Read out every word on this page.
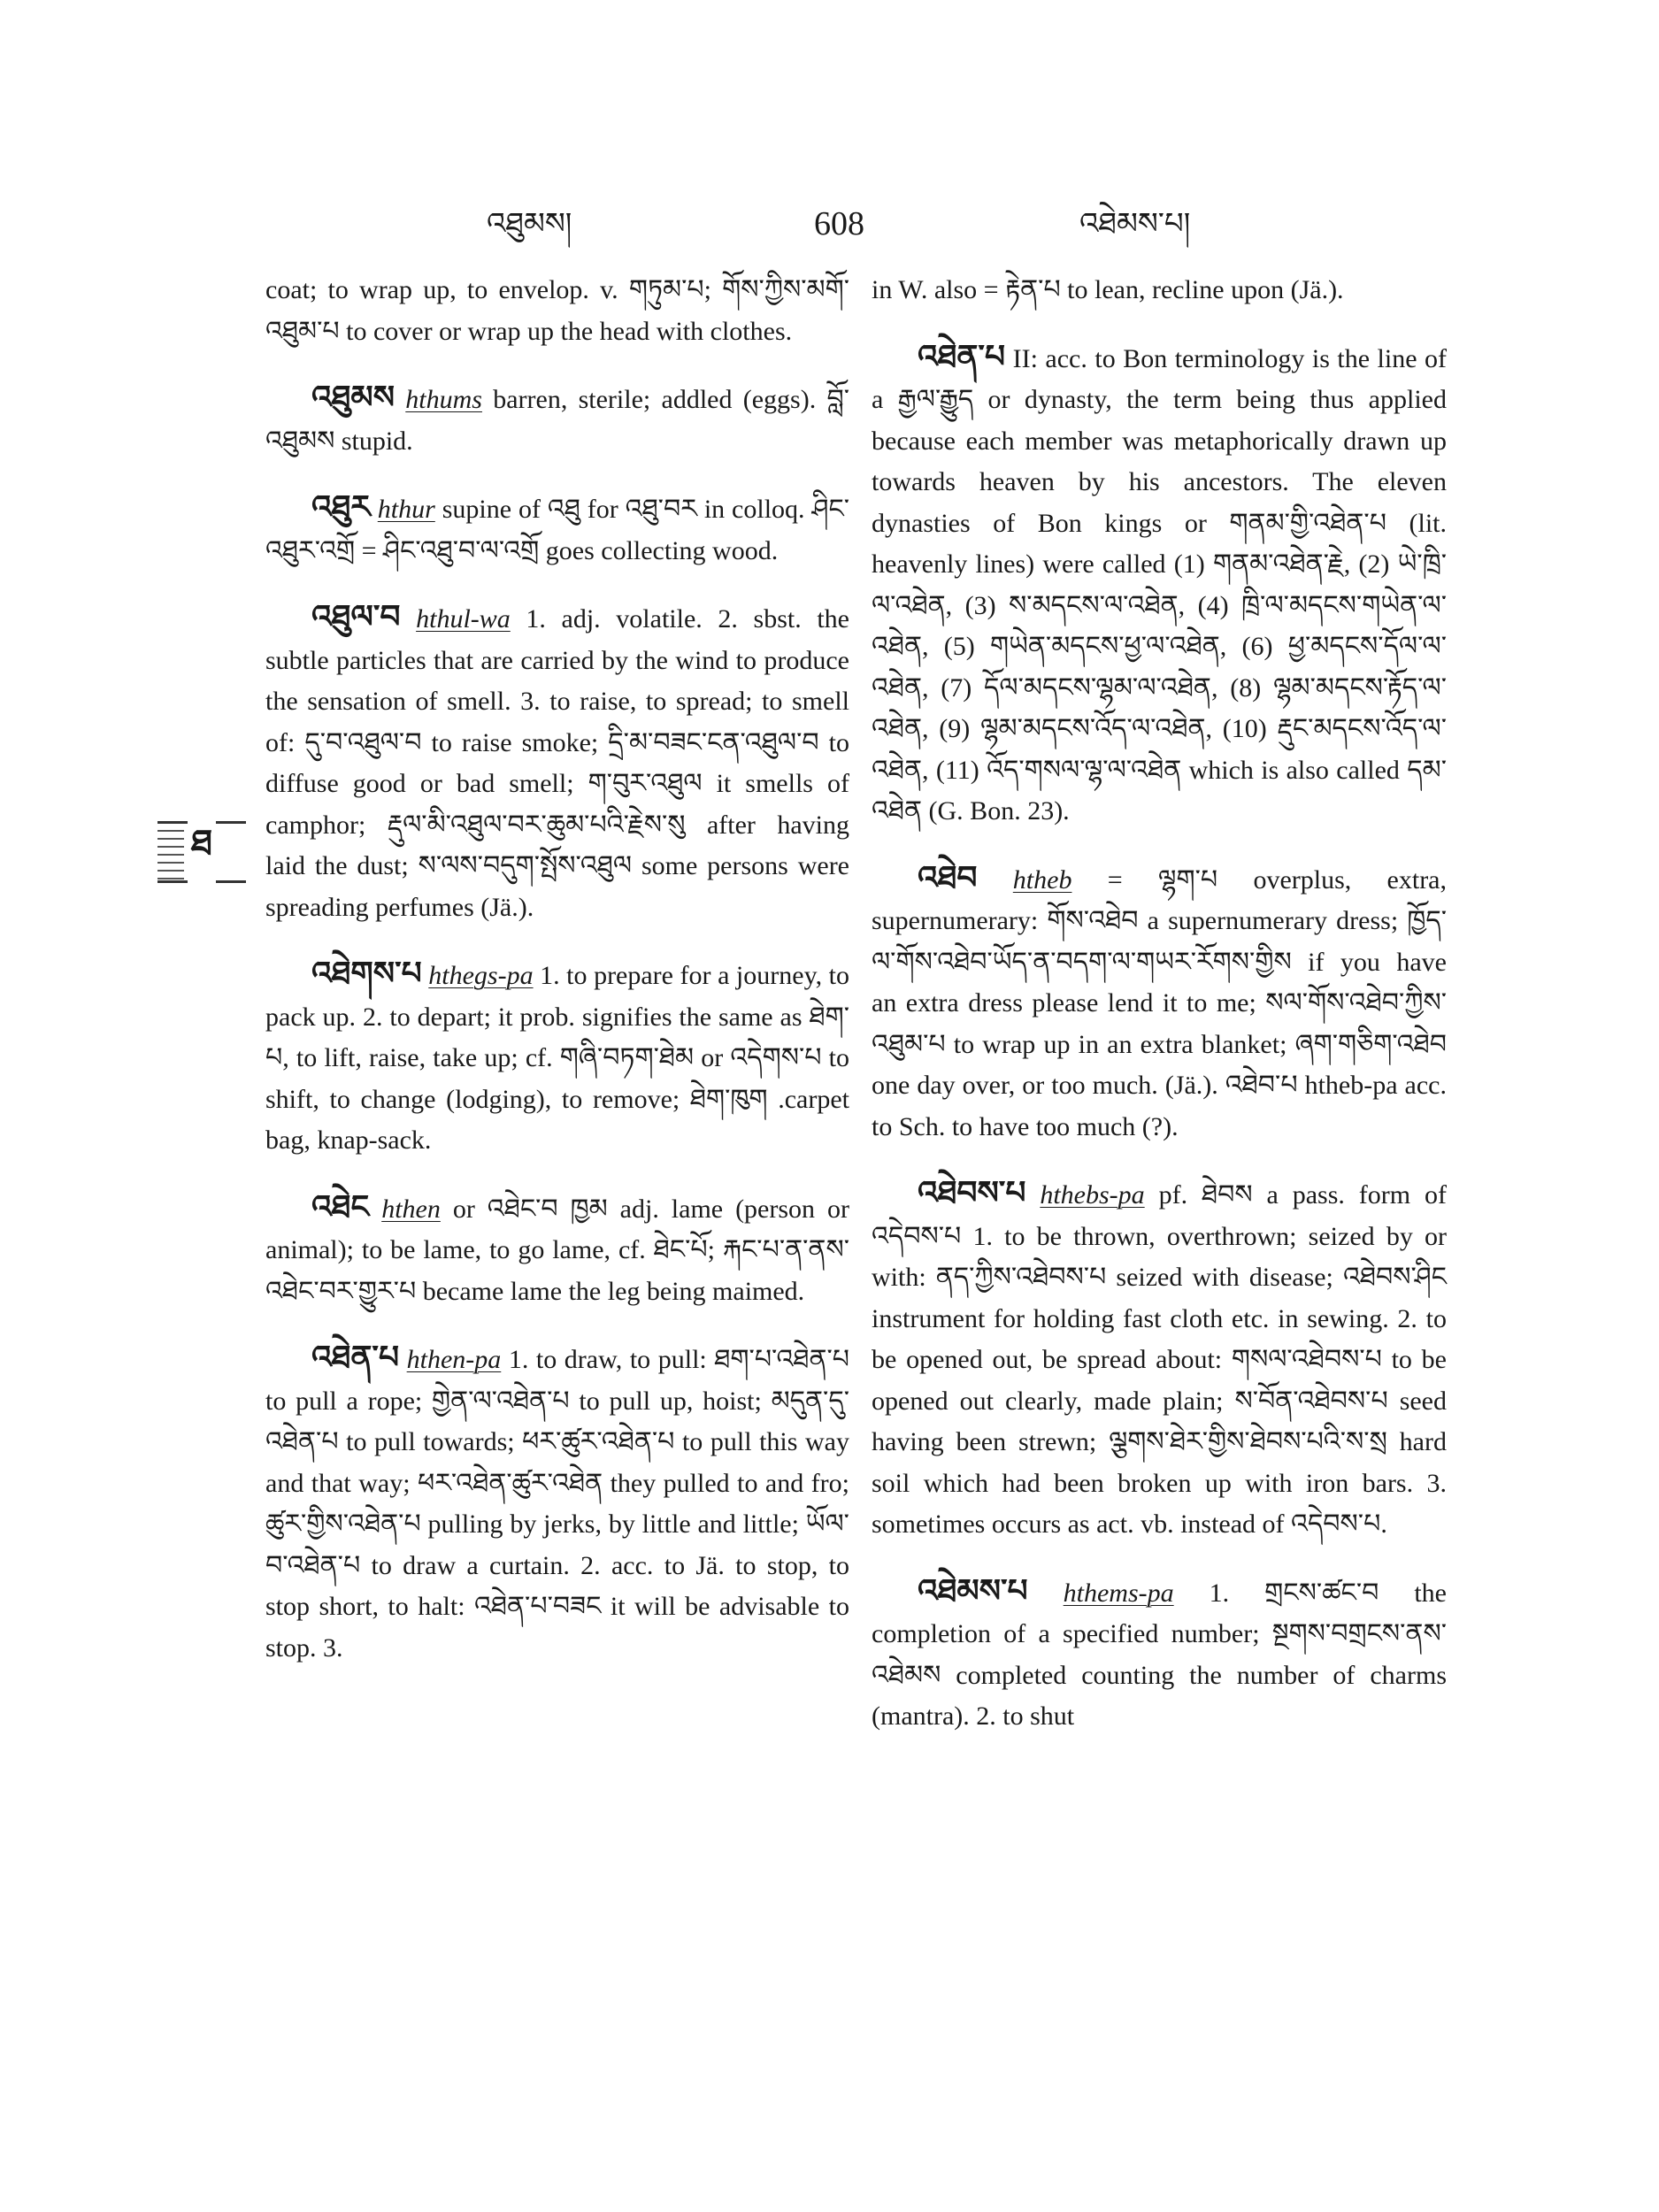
འཐུམས།	608	འཐེམས་པ།
ཐ

coat; to wrap up, to envelop. v. གཏུམ་པ; གོས་ཀྱིས་མགོ་འཐུམ་པ to cover or wrap up the head with clothes.

འཐུམས hthums barren, sterile; addled (eggs). བློ་འཐུམས stupid.

འཐུར hthur supine of འཐུ for འཐུ་བར in colloq. ཤིང་འཐུར་འགྲོ = ཤིང་འཐུ་བ་ལ་འགྲོ goes collecting wood.

འཐུལ་བ hthul-wa 1. adj. volatile. 2. sbst. the subtle particles that are carried by the wind to produce the sensation of smell. 3. to raise, to spread; to smell of: དུ་བ་འཐུལ་བ to raise smoke; དྲི་མ་བཟང་ངན་འཐུལ་བ to diffuse good or bad smell; ག་བུར་འཐུལ it smells of camphor; རྡུལ་མི་འཐུལ་བར་ཆུམ་པའི་རྗེས་སུ after having laid the dust; ས་ལས་བདུག་སྤོས་འཐུལ some persons were spreading perfumes (Jä.).

འཐེགས་པ hthegs-pa 1. to prepare for a journey, to pack up. 2. to depart; it prob. signifies the same as ཐེག་པ, to lift, raise, take up; cf. གཞི་བཏག་ཐེམ or འདེགས་པ to shift, to change (lodging), to remove; ཐེག་ཁུག .carpet bag, knap-sack.

འཐེང hthen or འཐེང་བ ཁྱམ adj. lame (person or animal); to be lame, to go lame, cf. ཐེང་པོ; རྐང་པ་ན་ནས་འཐེང་བར་གྱུར་པ became lame the leg being maimed.

འཐེན་པ hthen-pa 1. to draw, to pull: ཐག་པ་འཐེན་པ to pull a rope; གྱེན་ལ་འཐེན་པ to pull up, hoist; མདུན་དུ་འཐེན་པ to pull towards; ཕར་ཚུར་འཐེན་པ to pull this way and that way; ཕར་འཐེན་ཚུར་འཐེན they pulled to and fro; ཚུར་གྱིས་འཐེན་པ pulling by jerks, by little and little; ཡོལ་བ་འཐེན་པ to draw a curtain. 2. acc. to Jä. to stop, to stop short, to halt: འཐེན་པ་བཟང it will be advisable to stop. 3.

in W. also = རྟེན་པ to lean, recline upon (Jä.).

འཐེན་པ II: acc. to Bon terminology is the line of a རྒྱལ་རྒྱུད or dynasty, the term being thus applied because each member was metaphorically drawn up towards heaven by his ancestors. The eleven dynasties of Bon kings or གནམ་གྱི་འཐེན་པ (lit. heavenly lines) were called (1) གནམ་འཐེན་རྗེ, (2) ཡེ་ཁྲི་ལ་འཐེན, (3) ས་མདངས་ལ་འཐེན, (4) ཁྲི་ལ་མདངས་གཡེན་ལ་འཐེན, (5) གཡེན་མདངས་ཕྱ་ལ་འཐེན, (6) ཕྱ་མདངས་དོལ་ལ་འཐེན, (7) དོལ་མདངས་ལྷམ་ལ་འཐེན, (8) ལྷམ་མདངས་རྟོད་ལ་འཐེན, (9) ལྷམ་མདངས་འོད་ལ་འཐེན, (10) རྡུང་མདངས་འོད་ལ་འཐེན, (11) འོད་གསལ་ལྷ་ལ་འཐེན which is also called དམ་འཐེན (G. Bon. 23).

འཐེབ htheb = ལྷག་པ overplus, extra, supernumerary: གོས་འཐེབ a supernumerary dress; ཁྱོད་ལ་གོས་འཐེབ་ཡོད་ན་བདག་ལ་གཡར་རོགས་གྱིས if you have an extra dress please lend it to me; སལ་གོས་འཐེབ་ཀྱིས་འཐུམ་པ to wrap up in an extra blanket; ཞག་གཅིག་འཐེབ one day over, or too much. (Jä.). འཐེབ་པ htheb-pa acc. to Sch. to have too much (?).

འཐེབས་པ hthebs-pa pf. ཐེབས a pass. form of འདེབས་པ 1. to be thrown, overthrown; seized by or with: ནད་ཀྱིས་འཐེབས་པ seized with disease; འཐེབས་ཤིང instrument for holding fast cloth etc. in sewing. 2. to be opened out, be spread about: གསལ་འཐེབས་པ to be opened out clearly, made plain; ས་བོན་འཐེབས་པ seed having been strewn; ལྕགས་ཐེར་གྱིས་ཐེབས་པའི་ས་སྲ hard soil which had been broken up with iron bars. 3. sometimes occurs as act. vb. instead of འདེབས་པ.

འཐེམས་པ hthems-pa 1. གྲངས་ཚང་བ the completion of a specified number; སྔགས་བགྲངས་ནས་འཐེམས completed counting the number of charms (mantra). 2. to shut
